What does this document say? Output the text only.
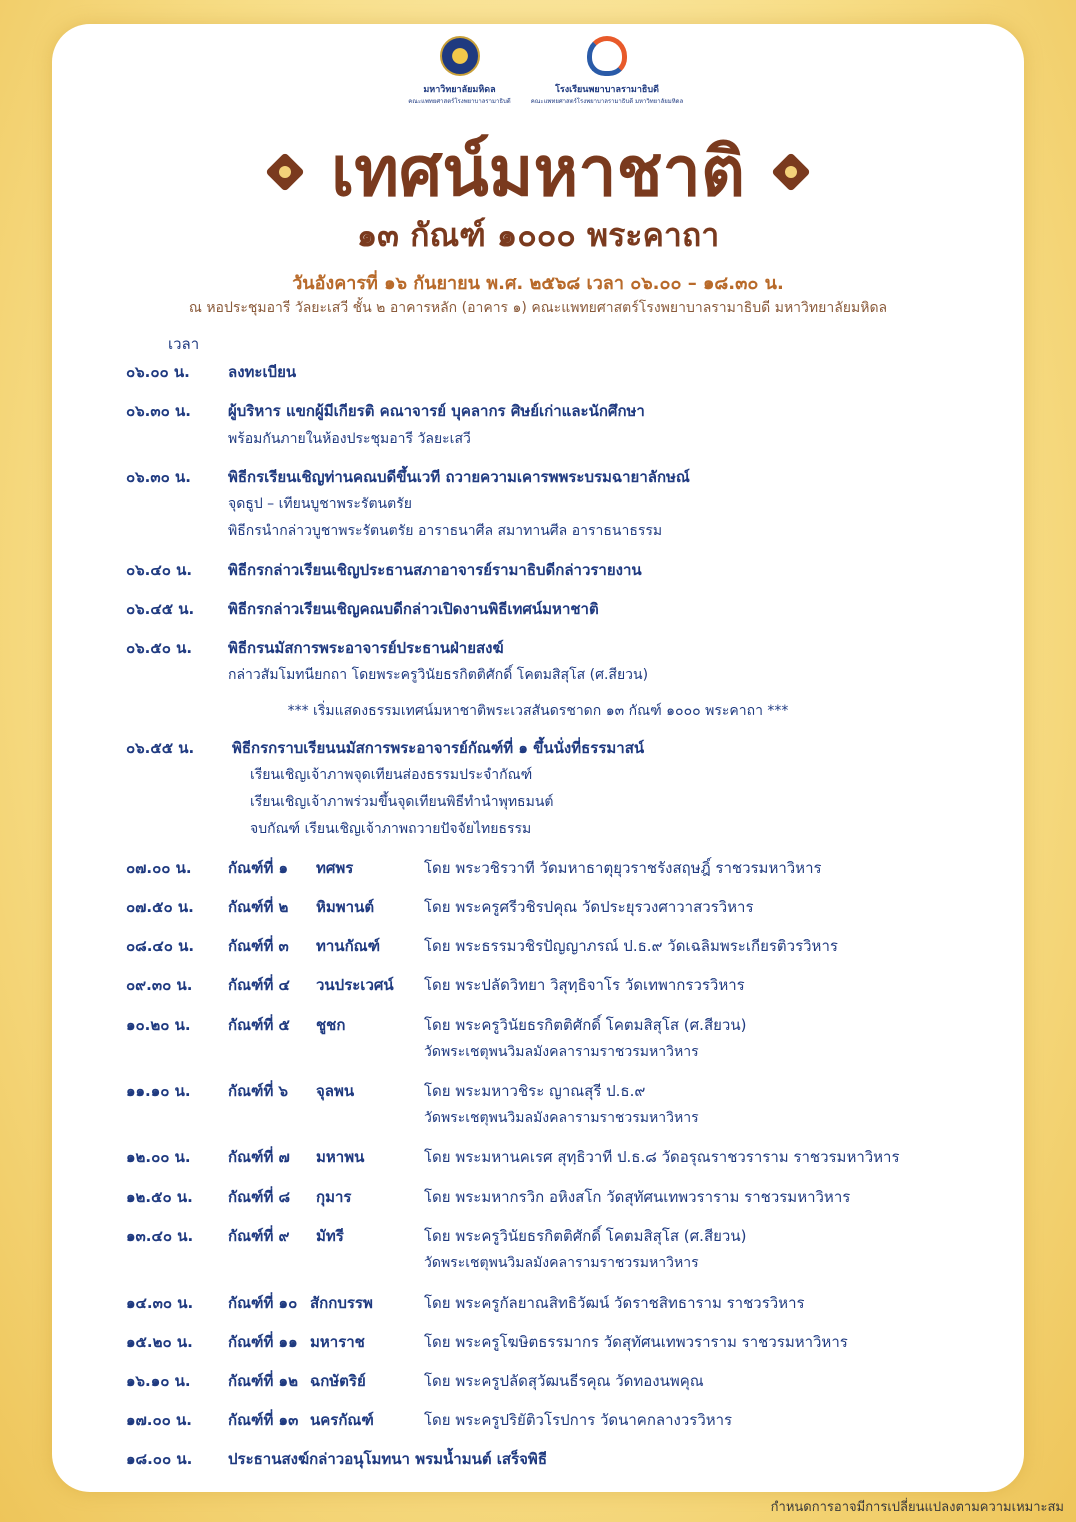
มหาวิทยาลัยมหิดล
คณะแพทยศาสตร์โรงพยาบาลรามาธิบดี
โรงเรียนพยาบาลรามาธิบดี
คณะแพทยศาสตร์โรงพยาบาลรามาธิบดี มหาวิทยาลัยมหิดล
เทศน์มหาชาติ
๑๓ กัณฑ์ ๑๐๐๐ พระคาถา
วันอังคารที่ ๑๖ กันยายน พ.ศ. ๒๕๖๘ เวลา ๐๖.๐๐ – ๑๘.๓๐ น.
ณ หอประชุมอารี วัลยะเสวี ชั้น ๒ อาคารหลัก (อาคาร ๑) คณะแพทยศาสตร์โรงพยาบาลรามาธิบดี มหาวิทยาลัยมหิดล
เวลา
๐๖.๐๐ น.	ลงทะเบียน
๐๖.๓๐ น.	ผู้บริหาร แขกผู้มีเกียรติ คณาจารย์ บุคลากร ศิษย์เก่าและนักศึกษา
พร้อมกันภายในห้องประชุมอารี วัลยะเสวี
๐๖.๓๐ น.	พิธีกรเรียนเชิญท่านคณบดีขึ้นเวที ถวายความเคารพพระบรมฉายาลักษณ์
จุดธูป – เทียนบูชาพระรัตนตรัย
พิธีกรนำกล่าวบูชาพระรัตนตรัย อาราธนาศีล สมาทานศีล อาราธนาธรรม
๐๖.๔๐ น.	พิธีกรกล่าวเรียนเชิญประธานสภาอาจารย์รามาธิบดีกล่าวรายงาน
๐๖.๔๕ น.	พิธีกรกล่าวเรียนเชิญคณบดีกล่าวเปิดงานพิธีเทศน์มหาชาติ
๐๖.๕๐ น.	พิธีกรนมัสการพระอาจารย์ประธานฝ่ายสงฆ์
กล่าวสัมโมทนียกถา โดยพระครูวินัยธรกิตติศักดิ์ โคตมสิสุโส (ศ.สียวน)
*** เริ่มแสดงธรรมเทศน์มหาชาติพระเวสสันดรชาดก ๑๓ กัณฑ์ ๑๐๐๐ พระคาถา ***
๐๖.๕๕ น.	พิธีกรกราบเรียนนมัสการพระอาจารย์กัณฑ์ที่ ๑ ขึ้นนั่งที่ธรรมาสน์
เรียนเชิญเจ้าภาพจุดเทียนส่องธรรมประจำกัณฑ์
เรียนเชิญเจ้าภาพร่วมขึ้นจุดเทียนพิธีทำนำพุทธมนต์
จบกัณฑ์ เรียนเชิญเจ้าภาพถวายปัจจัยไทยธรรม
๐๗.๐๐ น.	กัณฑ์ที่ ๑ ทศพร	โดย พระวชิรวาที วัดมหาธาตุยุวราชรังสฤษฎิ์ ราชวรมหาวิหาร
๐๗.๕๐ น.	กัณฑ์ที่ ๒ หิมพานต์	โดย พระครูศรีวชิรปคุณ วัดประยุรวงศาวาสวรวิหาร
๐๘.๔๐ น.	กัณฑ์ที่ ๓ ทานกัณฑ์	โดย พระธรรมวชิรปัญญาภรณ์ ป.ธ.๙ วัดเฉลิมพระเกียรติวรวิหาร
๐๙.๓๐ น.	กัณฑ์ที่ ๔ วนประเวศน์ โดย พระปลัดวิทยา วิสุทฺธิจาโร วัดเทพากรวรวิหาร
๑๐.๒๐ น.	กัณฑ์ที่ ๕ ชูชก	โดย พระครูวินัยธรกิตติศักดิ์ โคตมสิสุโส (ศ.สียวน)
วัดพระเชตุพนวิมลมังคลารามราชวรมหาวิหาร
๑๑.๑๐ น.	กัณฑ์ที่ ๖ จุลพน	โดย พระมหาวชิระ ญาณสุรี ป.ธ.๙
วัดพระเชตุพนวิมลมังคลารามราชวรมหาวิหาร
๑๒.๐๐ น.	กัณฑ์ที่ ๗ มหาพน	โดย พระมหานคเรศ สุทฺธิวาที ป.ธ.๘ วัดอรุณราชวราราม ราชวรมหาวิหาร
๑๒.๕๐ น.	กัณฑ์ที่ ๘ กุมาร	โดย พระมหากรวิก อหิงสโก วัดสุทัศนเทพวราราม ราชวรมหาวิหาร
๑๓.๔๐ น.	กัณฑ์ที่ ๙ มัทรี	โดย พระครูวินัยธรกิตติศักดิ์ โคตมสิสุโส (ศ.สียวน)
วัดพระเชตุพนวิมลมังคลารามราชวรมหาวิหาร
๑๔.๓๐ น.	กัณฑ์ที่ ๑๐ สักกบรรพ	โดย พระครูกัลยาณสิทธิวัฒน์ วัดราชสิทธาราม ราชวรวิหาร
๑๕.๒๐ น.	กัณฑ์ที่ ๑๑ มหาราช	โดย พระครูโฆษิตธรรมากร วัดสุทัศนเทพวราราม ราชวรมหาวิหาร
๑๖.๑๐ น.	กัณฑ์ที่ ๑๒ ฉกษัตริย์	โดย พระครูปลัดสุวัฒนธีรคุณ วัดทองนพคุณ
๑๗.๐๐ น.	กัณฑ์ที่ ๑๓ นครกัณฑ์	โดย พระครูปริยัติวโรปการ วัดนาคกลางวรวิหาร
๑๘.๐๐ น.	ประธานสงฆ์กล่าวอนุโมทนา พรมน้ำมนต์ เสร็จพิธี
กำหนดการอาจมีการเปลี่ยนแปลงตามความเหมาะสม
